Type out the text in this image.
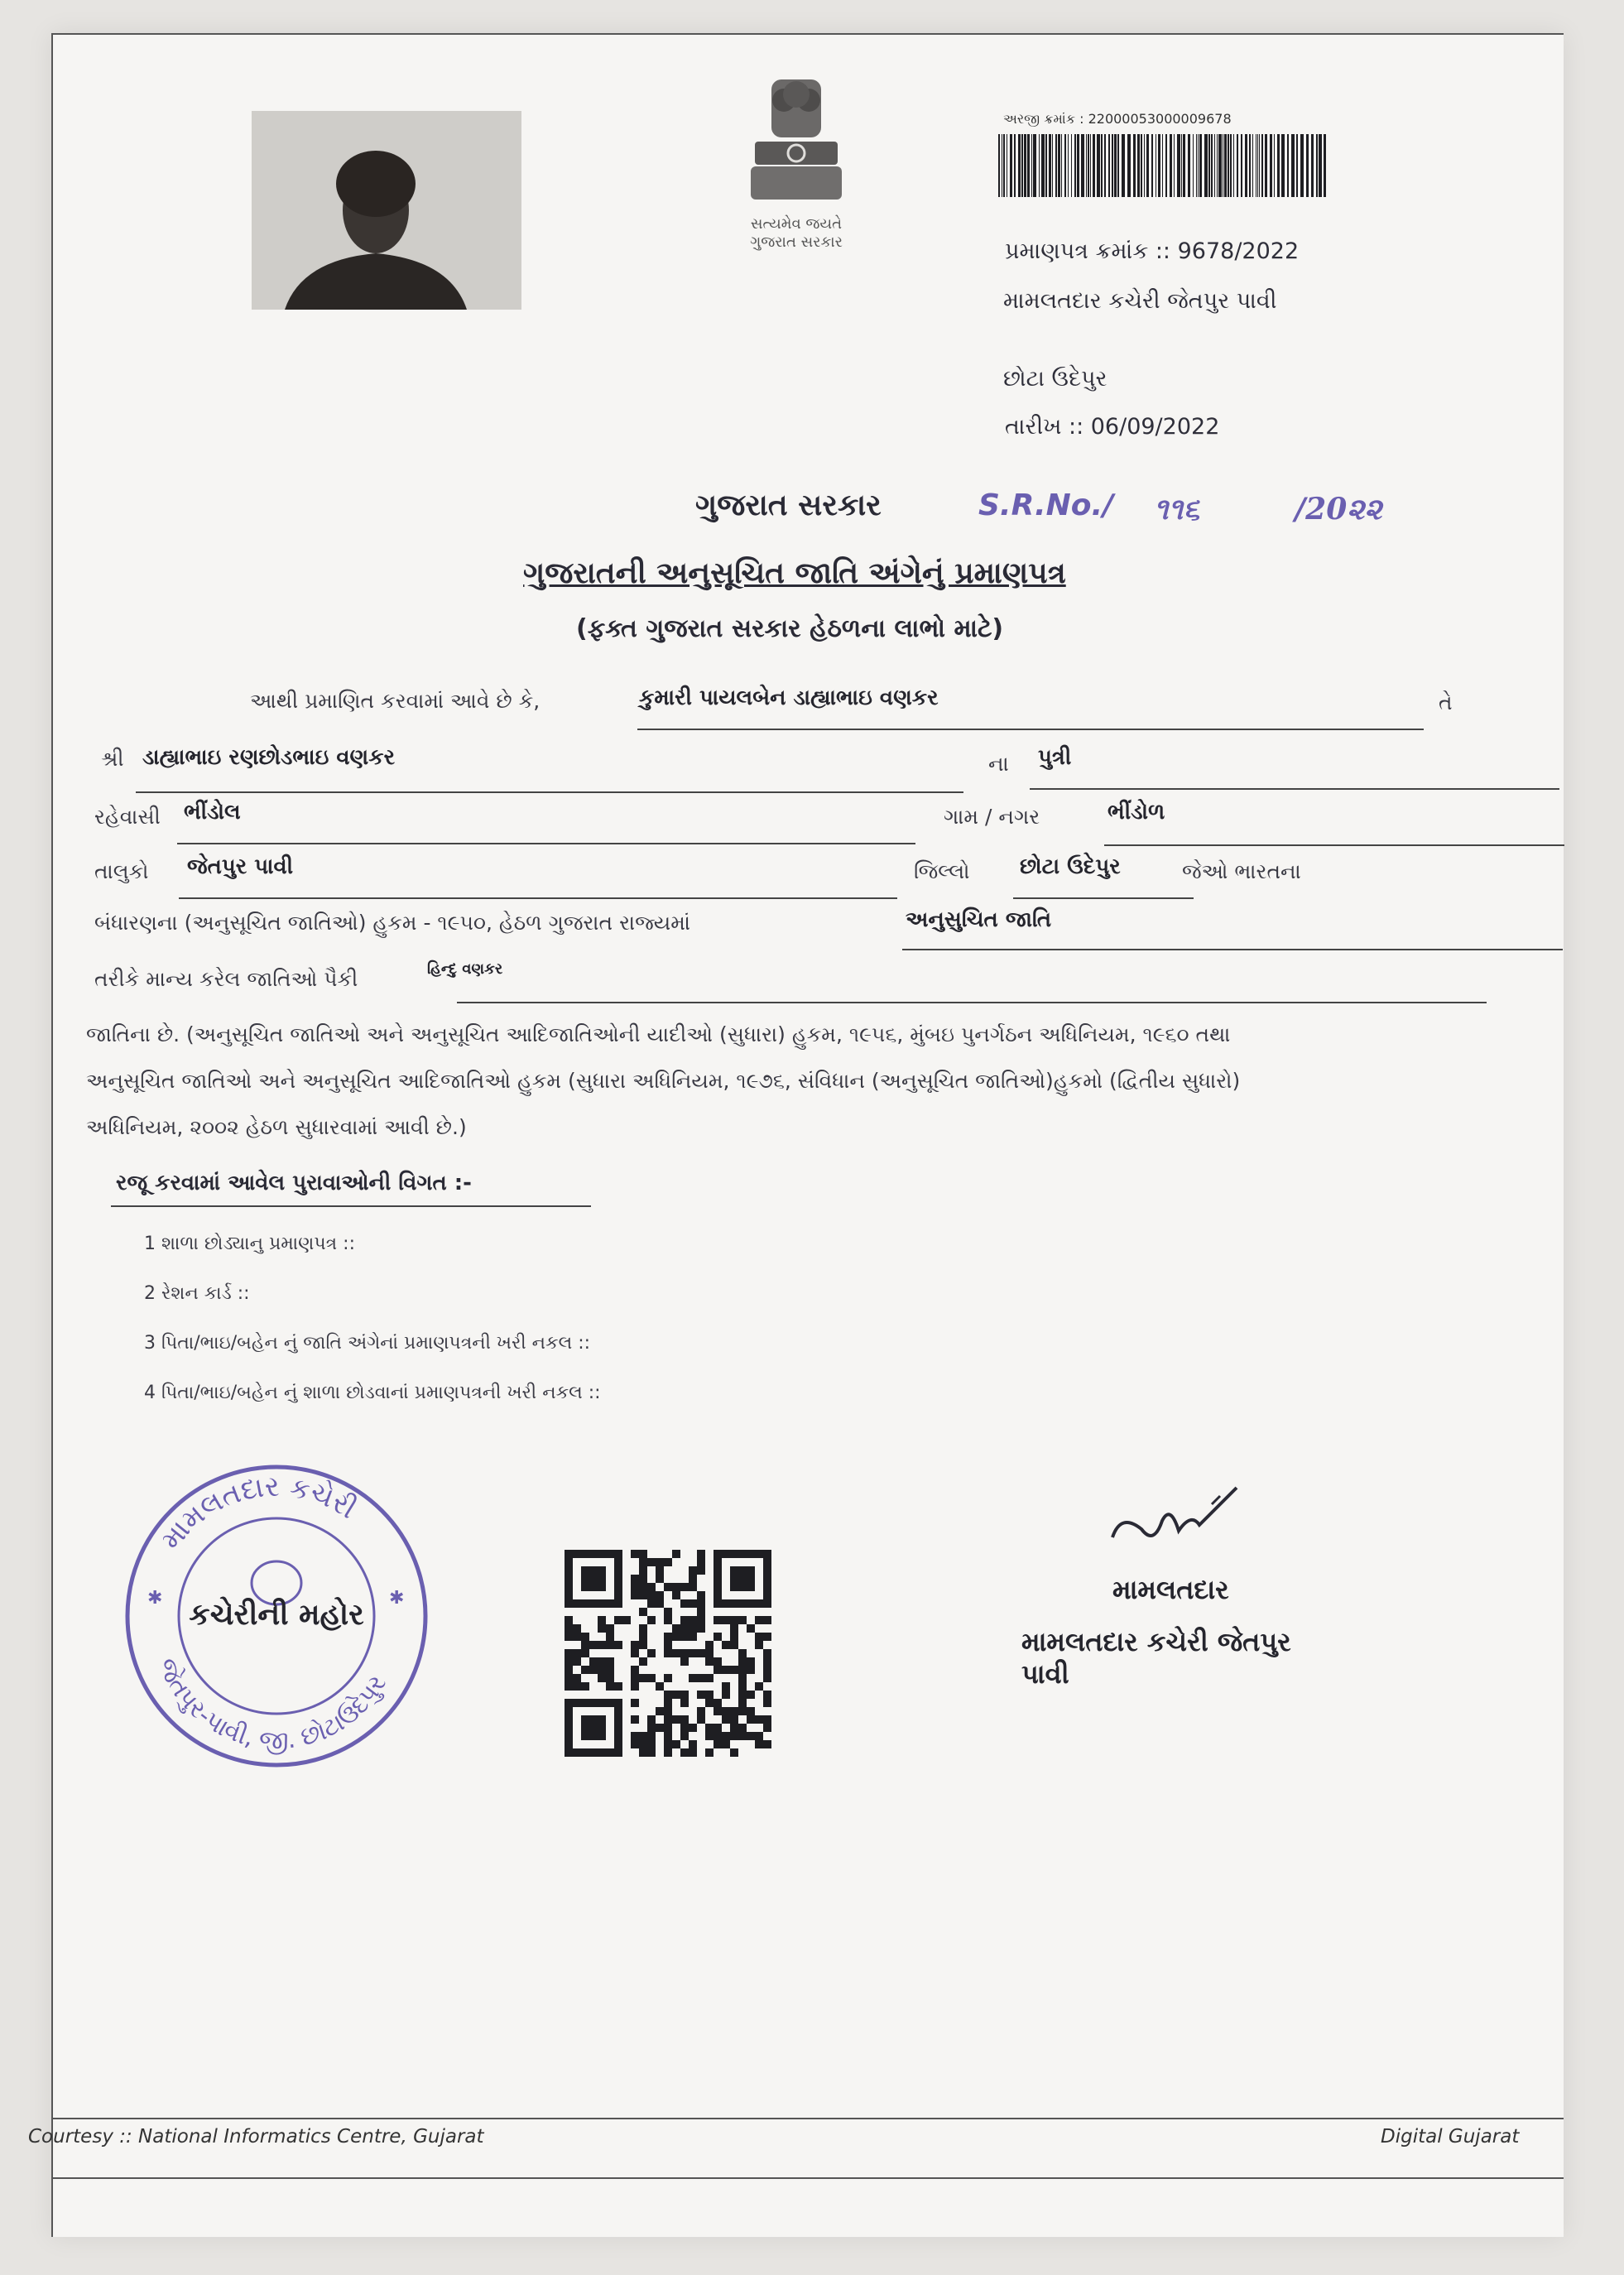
સત્યમેવ જયતે
ગુજરાત સરકાર
અરજી ક્રમાંક : 22000053000009678
પ્રમાણપત્ર ક્રમાંક :: 9678/2022
મામલતદાર કચેરી જેતપુર પાવી
છોટા ઉદેપુર
તારીખ :: 06/09/2022
ગુજરાત સરકાર	S.R.No./ ૧૧૬	/20૨૨
ગુજરાતની અનુસૂચિત જાતિ અંગેનું પ્રમાણપત્ર
(ફક્ત ગુજરાત સરકાર હેઠળના લાભો માટે)
આથી પ્રમાણિત કરવામાં આવે છે કે,	કુમારી પાયલબેન ડાહ્યાભાઇ વણકર	તે
શ્રી ડાહ્યાભાઇ રણછોડભાઇ વણકર	ના પુત્રી
રહેવાસી ભીંડોલ	ગામ / નગર	ભીંડોળ
તાલુકો જેતપુર પાવી	જિલ્લો છોટા ઉદેપુર	જેઓ ભારતના
બંધારણના (અનુસૂચિત જાતિઓ) હુકમ - ૧૯૫૦, હેઠળ ગુજરાત રાજ્યમાં	અનુસુચિત જાતિ
તરીકે માન્ય કરેલ જાતિઓ પૈકી	હિન્દુ વણકર
જાતિના છે. (અનુસૂચિત જાતિઓ અને અનુસૂચિત આદિજાતિઓની યાદીઓ (સુધારા) હુકમ, ૧૯૫૬, મુંબઇ પુનર્ગઠન અધિનિયમ, ૧૯૬૦ તથા
અનુસૂચિત જાતિઓ અને અનુસૂચિત આદિજાતિઓ હુકમ (સુધારા અધિનિયમ, ૧૯૭૬, સંવિધાન (અનુસૂચિત જાતિઓ)હુકમો (દ્વિતીય સુધારો)
અધિનિયમ, ૨૦૦૨ હેઠળ સુધારવામાં આવી છે.)
રજૂ કરવામાં આવેલ પુરાવાઓની વિગત :-
1 શાળા છોડ્યાનુ પ્રમાણપત્ર ::
2 રેશન કાર્ડ ::
3 પિતા/ભાઇ/બહેન નું જાતિ અંગેનાં પ્રમાણપત્રની ખરી નકલ ::
4 પિતા/ભાઇ/બહેન નું શાળા છોડવાનાં પ્રમાણપત્રની ખરી નકલ ::
મામલતદાર કચેરી
જેતપુર-પાવી, જી. છોટાઉદેપુર
કચેરીની મહોર
✱	✱	મામલતદાર
મામલતદાર કચેરી જેતપુર પાવી
Courtesy :: National Informatics Centre, Gujarat	Digital Gujarat
